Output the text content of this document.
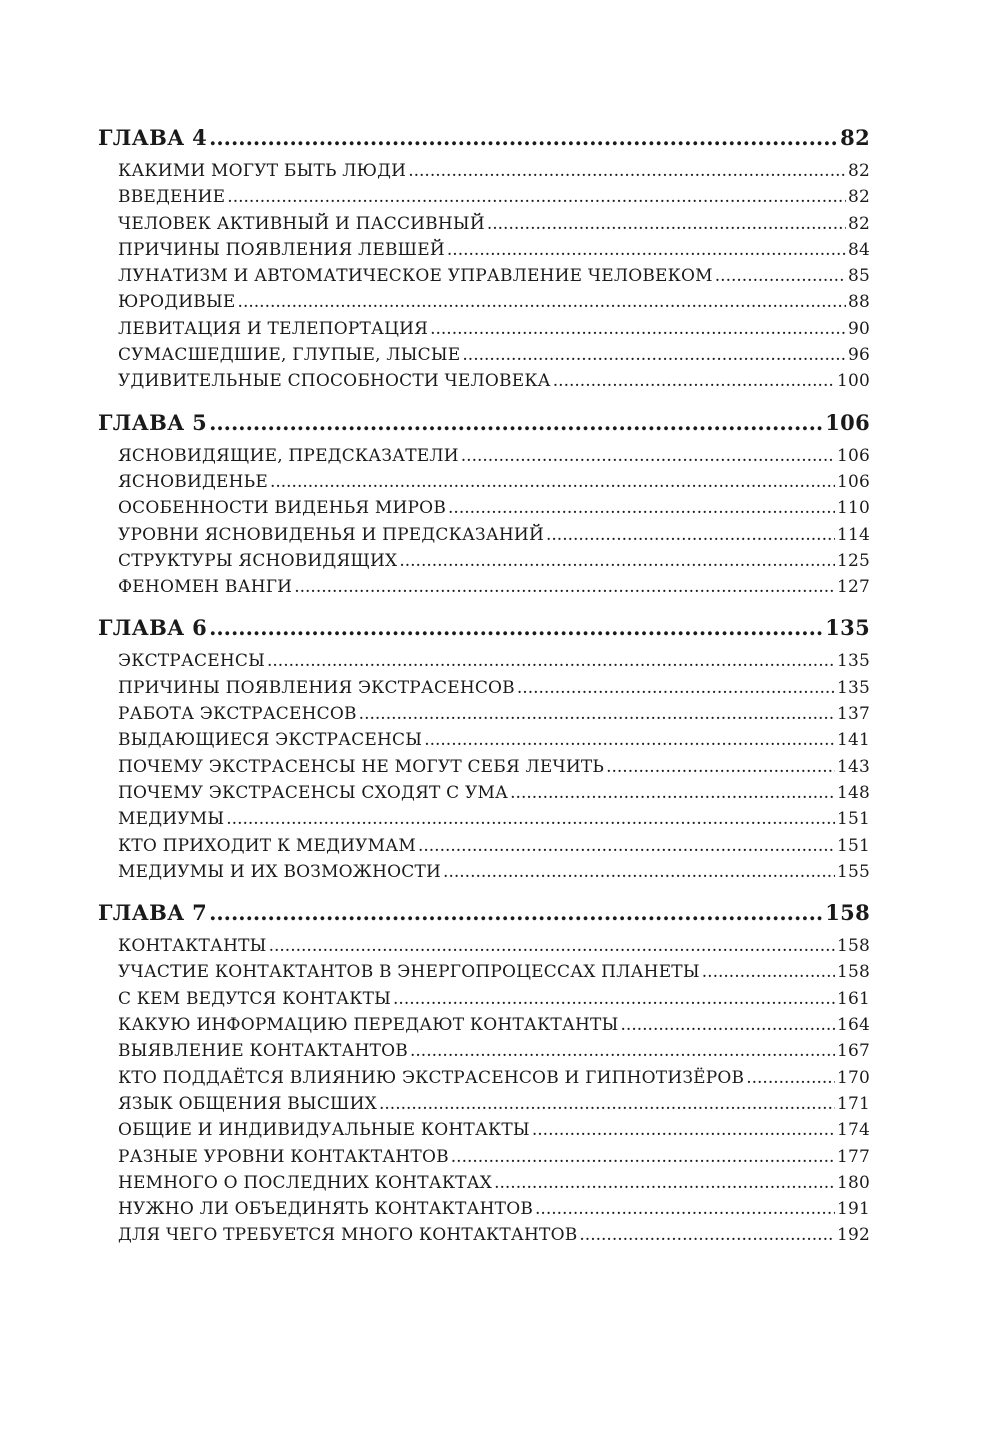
ГЛАВА 4 .....	82
КАКИМИ МОГУТ БЫТЬ ЛЮДИ .....	82
ВВЕДЕНИЕ .....	82
ЧЕЛОВЕК АКТИВНЫЙ И ПАССИВНЫЙ .....	82
ПРИЧИНЫ ПОЯВЛЕНИЯ ЛЕВШЕЙ .....	84
ЛУНАТИЗМ И АВТОМАТИЧЕСКОЕ УПРАВЛЕНИЕ ЧЕЛОВЕКОМ .....	85
ЮРОДИВЫЕ .....	88
ЛЕВИТАЦИЯ И ТЕЛЕПОРТАЦИЯ .....	90
СУМАСШЕДШИЕ, ГЛУПЫЕ, ЛЫСЫЕ .....	96
УДИВИТЕЛЬНЫЕ СПОСОБНОСТИ ЧЕЛОВЕКА .....	100
ГЛАВА 5 .....	106
ЯСНОВИДЯЩИЕ, ПРЕДСКАЗАТЕЛИ .....	106
ЯСНОВИДЕНЬЕ .....	106
ОСОБЕННОСТИ ВИДЕНЬЯ МИРОВ .....	110
УРОВНИ ЯСНОВИДЕНЬЯ И ПРЕДСКАЗАНИЙ .....	114
СТРУКТУРЫ ЯСНОВИДЯЩИХ .....	125
ФЕНОМЕН ВАНГИ .....	127
ГЛАВА 6 .....	135
ЭКСТРАСЕНСЫ .....	135
ПРИЧИНЫ ПОЯВЛЕНИЯ ЭКСТРАСЕНСОВ .....	135
РАБОТА ЭКСТРАСЕНСОВ .....	137
ВЫДАЮЩИЕСЯ ЭКСТРАСЕНСЫ .....	141
ПОЧЕМУ ЭКСТРАСЕНСЫ НЕ МОГУТ СЕБЯ ЛЕЧИТЬ .....	143
ПОЧЕМУ ЭКСТРАСЕНСЫ СХОДЯТ С УМА .....	148
МЕДИУМЫ .....	151
КТО ПРИХОДИТ К МЕДИУМАМ .....	151
МЕДИУМЫ И ИХ ВОЗМОЖНОСТИ .....	155
ГЛАВА 7 .....	158
КОНТАКТАНТЫ .....	158
УЧАСТИЕ КОНТАКТАНТОВ В ЭНЕРГОПРОЦЕССАХ ПЛАНЕТЫ .....	158
С КЕМ ВЕДУТСЯ КОНТАКТЫ .....	161
КАКУЮ ИНФОРМАЦИЮ ПЕРЕДАЮТ КОНТАКТАНТЫ .....	164
ВЫЯВЛЕНИЕ КОНТАКТАНТОВ .....	167
КТО ПОДДАЁТСЯ ВЛИЯНИЮ ЭКСТРАСЕНСОВ И ГИПНОТИЗЁРОВ .....	170
ЯЗЫК ОБЩЕНИЯ ВЫСШИХ .....	171
ОБЩИЕ И ИНДИВИДУАЛЬНЫЕ КОНТАКТЫ .....	174
РАЗНЫЕ УРОВНИ КОНТАКТАНТОВ .....	177
НЕМНОГО О ПОСЛЕДНИХ КОНТАКТАХ .....	180
НУЖНО ЛИ ОБЪЕДИНЯТЬ КОНТАКТАНТОВ .....	191
ДЛЯ ЧЕГО ТРЕБУЕТСЯ МНОГО КОНТАКТАНТОВ .....	192
